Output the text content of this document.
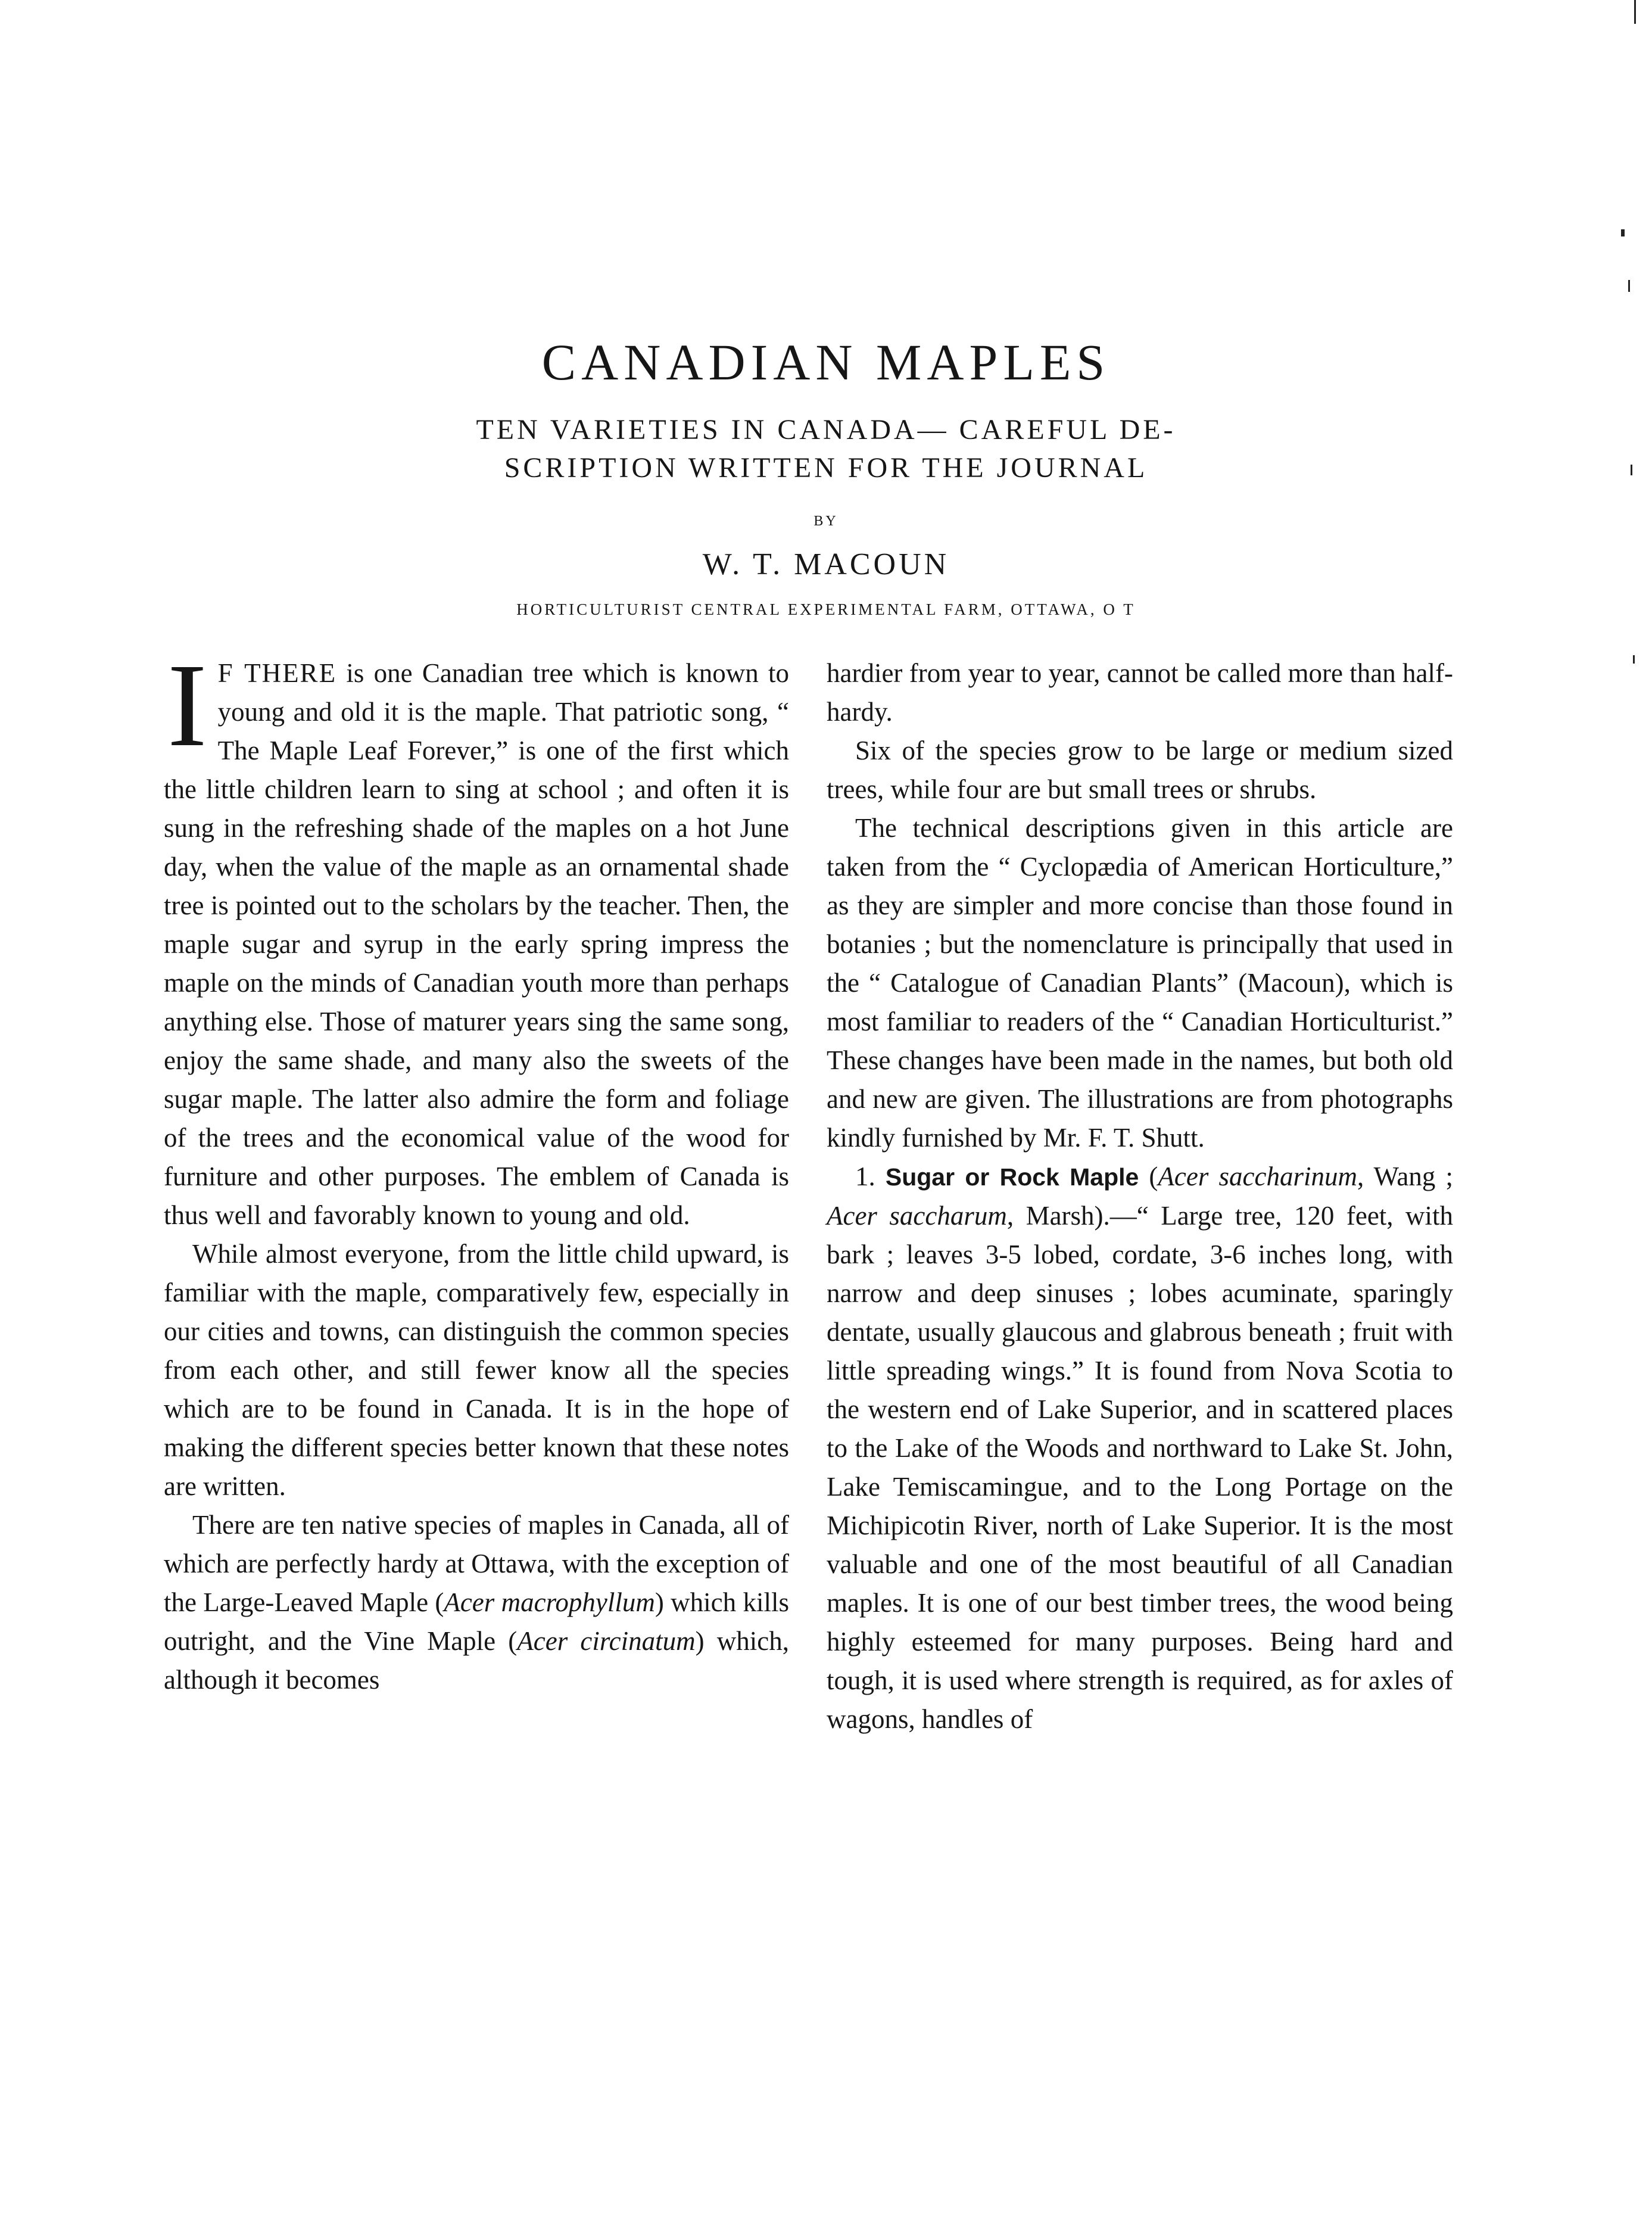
CANADIAN MAPLES
TEN VARIETIES IN CANADA— CAREFUL DE-
SCRIPTION WRITTEN FOR THE JOURNAL
BY
W. T. MACOUN
HORTICULTURIST CENTRAL EXPERIMENTAL FARM, OTTAWA, O T

I F THERE is one Canadian tree which is known to young and old it is the maple. That patriotic song, “ The Maple Leaf Forever,” is one of the first which the little children learn to sing at school ; and often it is sung in the refreshing shade of the maples on a hot June day, when the value of the maple as an ornamental shade tree is pointed out to the scholars by the teacher. Then, the maple sugar and syrup in the early spring impress the maple on the minds of Canadian youth more than perhaps anything else. Those of maturer years sing the same song, enjoy the same shade, and many also the sweets of the sugar maple. The latter also admire the form and foliage of the trees and the economical value of the wood for furniture and other purposes. The emblem of Canada is thus well and favorably known to young and old.

While almost everyone, from the little child upward, is familiar with the maple, comparatively few, especially in our cities and towns, can distinguish the common species from each other, and still fewer know all the species which are to be found in Canada. It is in the hope of making the different species better known that these notes are written.

There are ten native species of maples in Canada, all of which are perfectly hardy at Ottawa, with the exception of the Large-Leaved Maple (Acer macrophyllum) which kills outright, and the Vine Maple (Acer circinatum) which, although it becomes

hardier from year to year, cannot be called more than half-hardy.

Six of the species grow to be large or medium sized trees, while four are but small trees or shrubs.

The technical descriptions given in this article are taken from the “ Cyclopædia of American Horticulture,” as they are simpler and more concise than those found in botanies ; but the nomenclature is principally that used in the “ Catalogue of Canadian Plants” (Macoun), which is most familiar to readers of the “ Canadian Horticulturist.” These changes have been made in the names, but both old and new are given. The illustrations are from photographs kindly furnished by Mr. F. T. Shutt.

1. Sugar or Rock Maple (Acer saccharinum, Wang ; Acer saccharum, Marsh).—“ Large tree, 120 feet, with bark ; leaves 3-5 lobed, cordate, 3-6 inches long, with narrow and deep sinuses ; lobes acuminate, sparingly dentate, usually glaucous and glabrous beneath ; fruit with little spreading wings.” It is found from Nova Scotia to the western end of Lake Superior, and in scattered places to the Lake of the Woods and northward to Lake St. John, Lake Temiscamingue, and to the Long Portage on the Michipicotin River, north of Lake Superior. It is the most valuable and one of the most beautiful of all Canadian maples. It is one of our best timber trees, the wood being highly esteemed for many purposes. Being hard and tough, it is used where strength is required, as for axles of wagons, handles of
